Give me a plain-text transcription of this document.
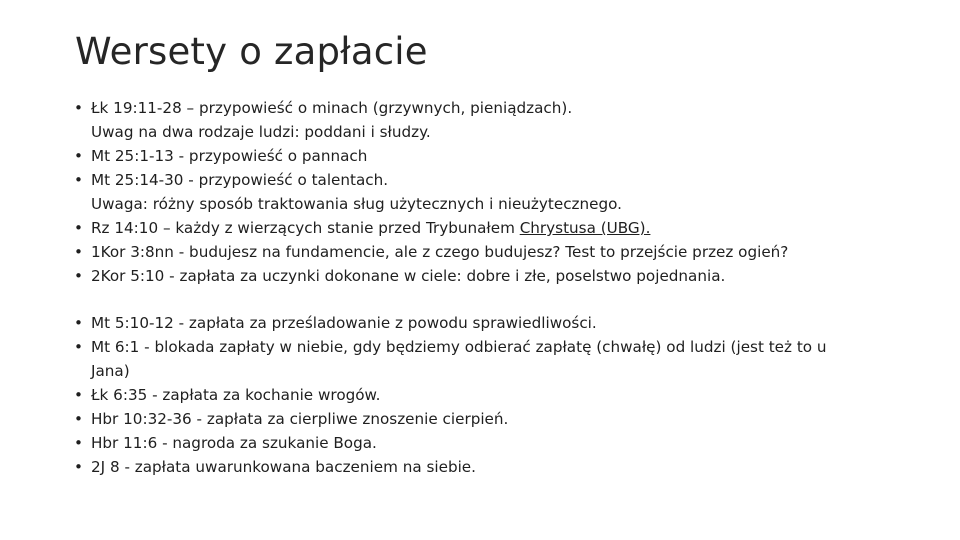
Wersety o zapłacie
• Łk 19:11-28 – przypowieść o minach (grzywnych, pieniądzach).
Uwag na dwa rodzaje ludzi: poddani i słudzy.
• Mt 25:1-13 ‑ przypowieść o pannach
• Mt 25:14-30 ‑ przypowieść o talentach.
Uwaga: różny sposób traktowania sług użytecznych i nieużytecznego.
• Rz 14:10 – każdy z wierzących stanie przed Trybunałem Chrystusa (UBG).
• 1Kor 3:8nn ‑ budujesz na fundamencie, ale z czego budujesz? Test to przejście przez ogień?
• 2Kor 5:10 ‑ zapłata za uczynki dokonane w ciele: dobre i złe, poselstwo pojednania.
• Mt 5:10-12 ‑ zapłata za prześladowanie z powodu sprawiedliwości.
• Mt 6:1 ‑ blokada zapłaty w niebie, gdy będziemy odbierać zapłatę (chwałę) od ludzi (jest też to u
Jana)
• Łk 6:35 ‑ zapłata za kochanie wrogów.
• Hbr 10:32-36 - zapłata za cierpliwe znoszenie cierpień.
• Hbr 11:6 ‑ nagroda za szukanie Boga.
• 2J 8 ‑ zapłata uwarunkowana baczeniem na siebie.
